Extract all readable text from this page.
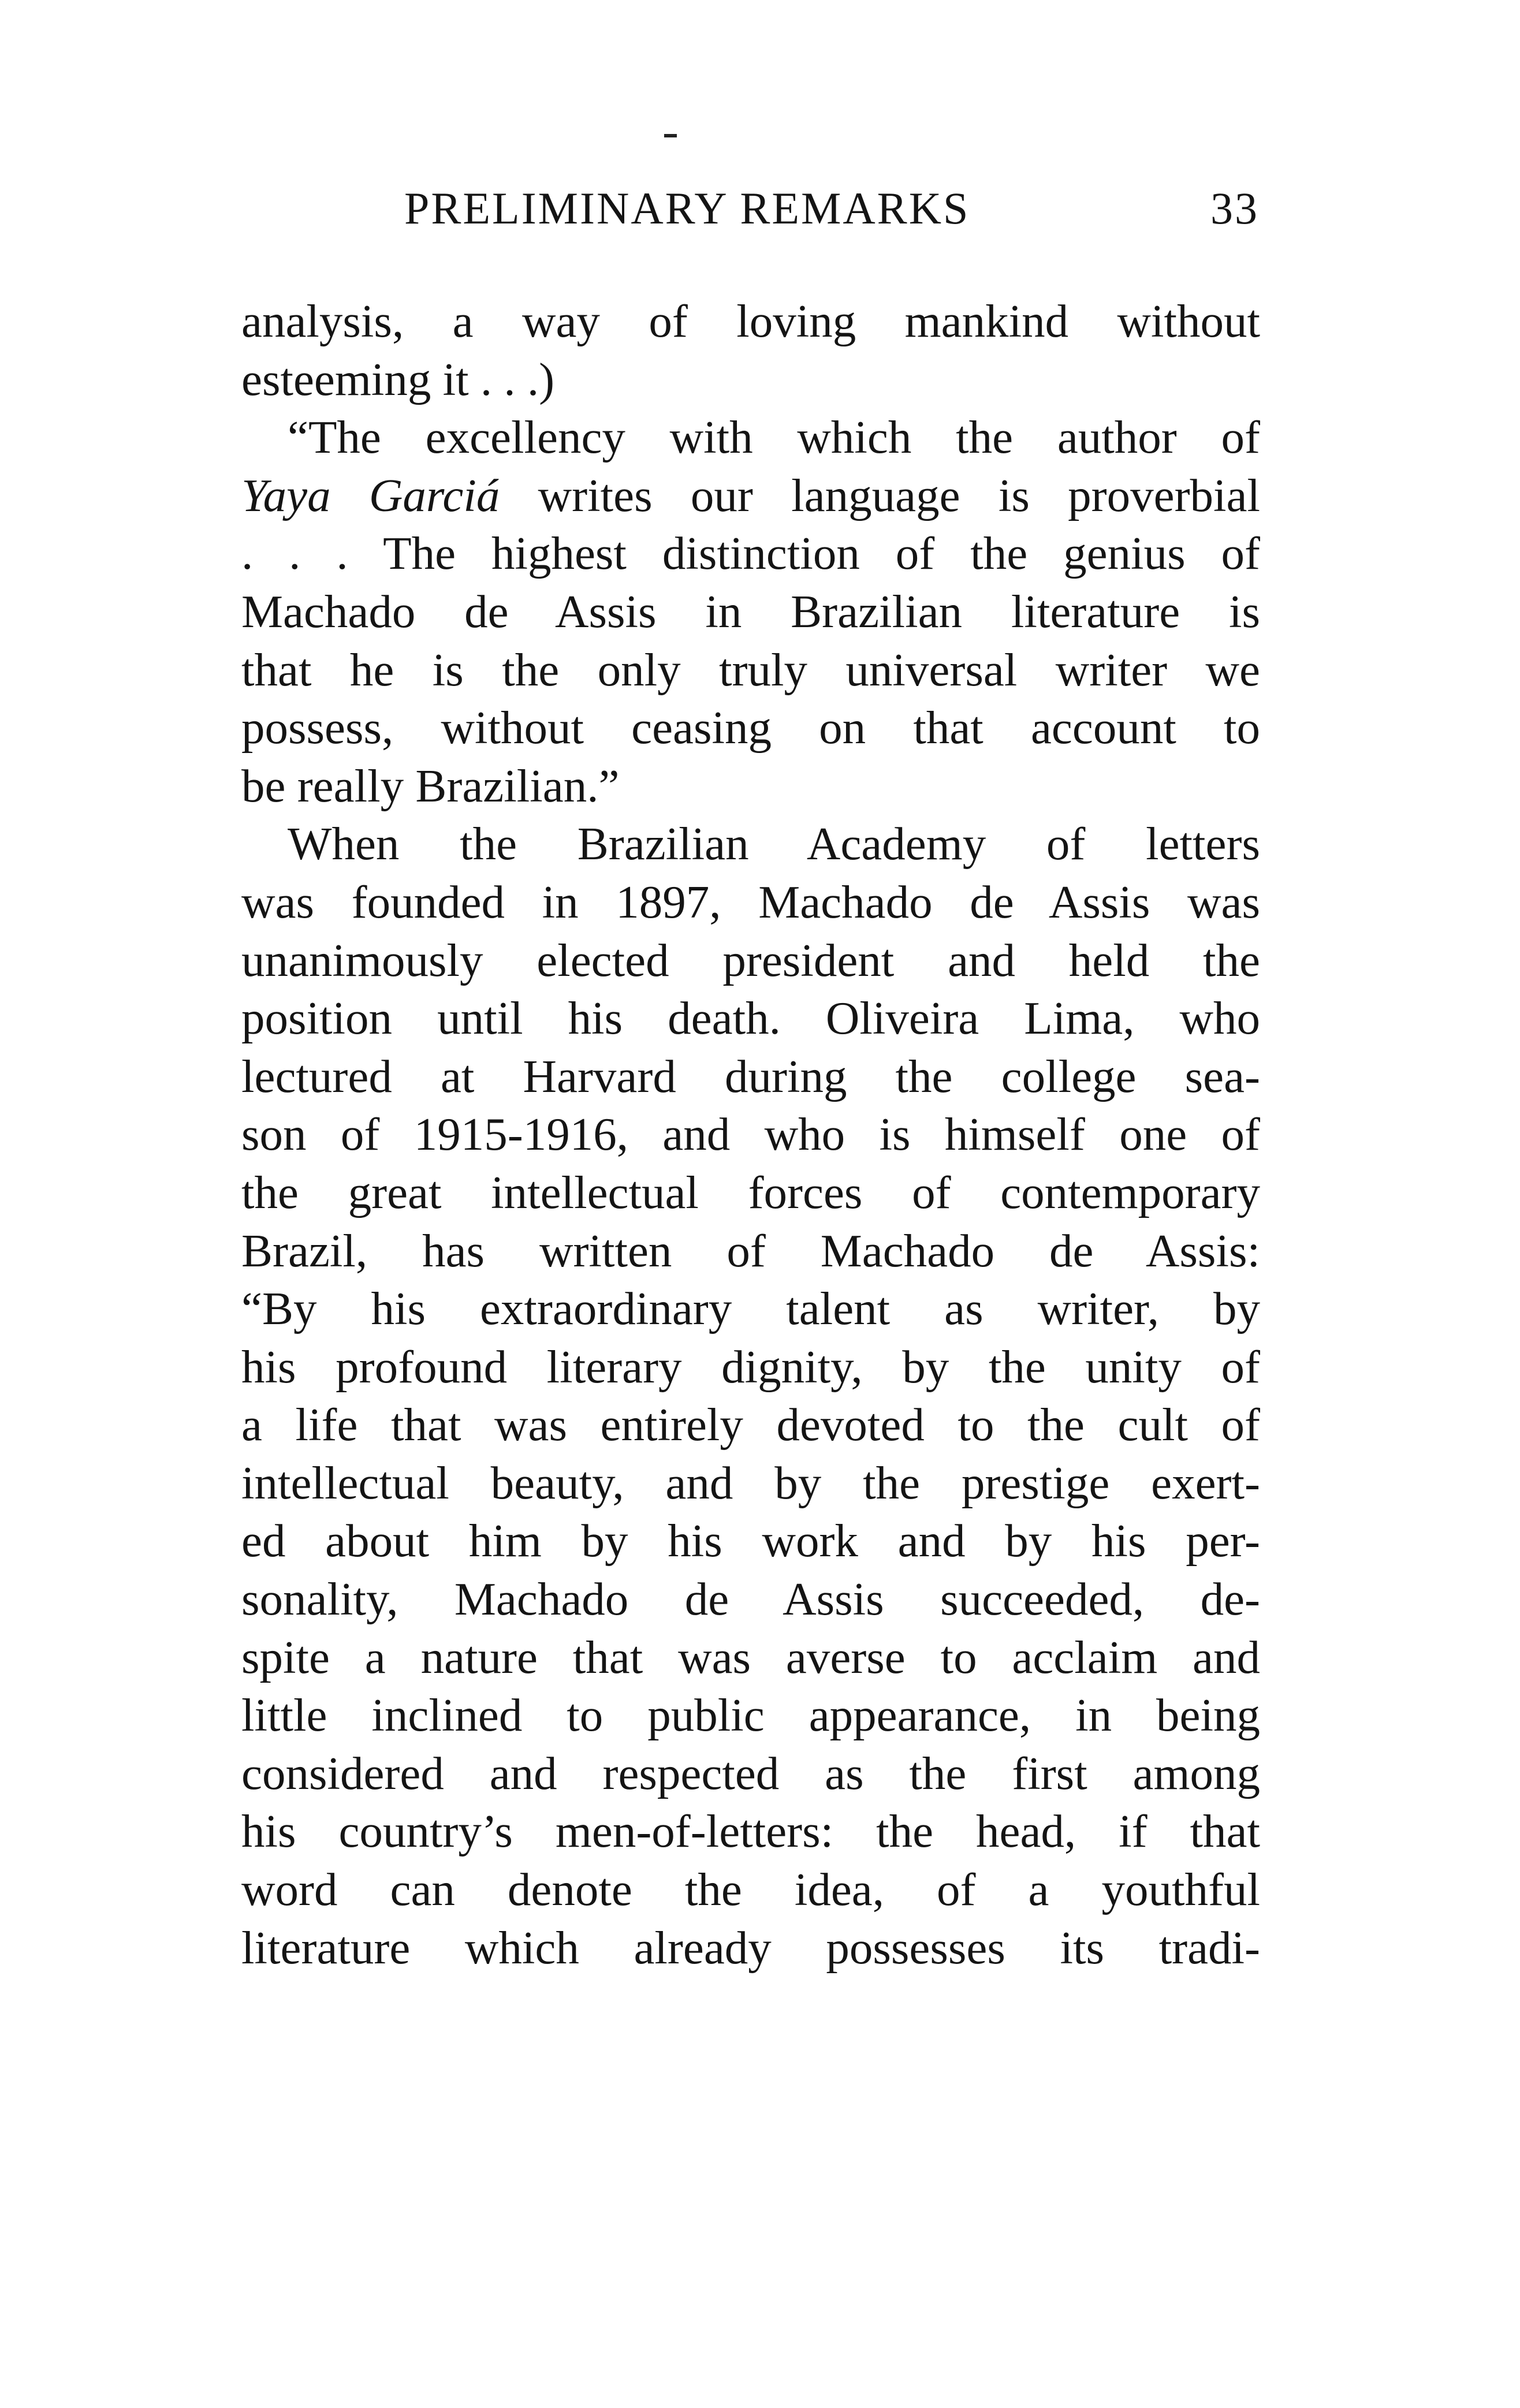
PRELIMINARY REMARKS	33
analysis, a way of loving mankind without
esteeming it . . .)
“The excellency with which the author of
Yaya Garciá writes our language is proverbial
. . . The highest distinction of the genius of
Machado de Assis in Brazilian literature is
that he is the only truly universal writer we
possess, without ceasing on that account to
be really Brazilian.”
When the Brazilian Academy of letters
was founded in 1897, Machado de Assis was
unanimously elected president and held the
position until his death. Oliveira Lima, who
lectured at Harvard during the college sea-
son of 1915-1916, and who is himself one of
the great intellectual forces of contemporary
Brazil, has written of Machado de Assis:
“By his extraordinary talent as writer, by
his profound literary dignity, by the unity of
a life that was entirely devoted to the cult of
intellectual beauty, and by the prestige exert-
ed about him by his work and by his per-
sonality, Machado de Assis succeeded, de-
spite a nature that was averse to acclaim and
little inclined to public appearance, in being
considered and respected as the first among
his country’s men-of-letters: the head, if that
word can denote the idea, of a youthful
literature which already possesses its tradi-
